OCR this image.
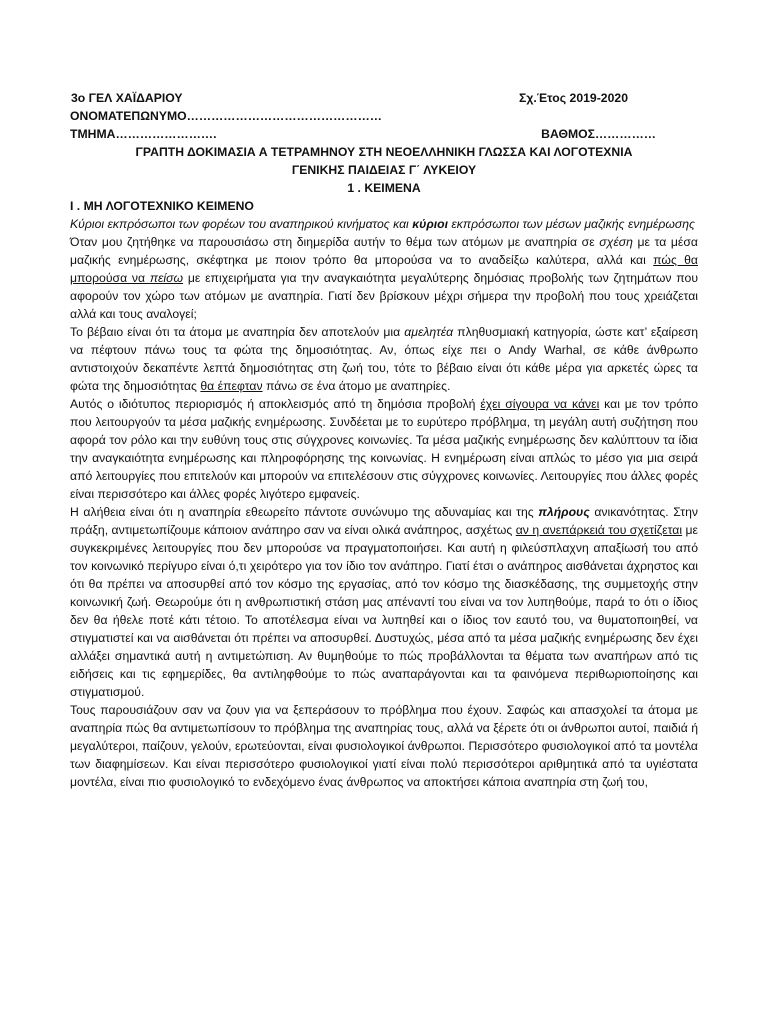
3ο ΓΕΛ ΧΑΪΔΑΡΙΟΥ	Σχ.Έτος 2019-2020
ΟΝΟΜΑΤΕΠΩΝΥΜΟ…………………………………………
ΤΜΗΜΑ…………………….	ΒΑΘΜΟΣ……………
ΓΡΑΠΤΗ ΔΟΚΙΜΑΣΙΑ Α ΤΕΤΡΑΜΗΝΟΥ ΣΤΗ ΝΕΟΕΛΛΗΝΙΚΗ ΓΛΩΣΣΑ ΚΑΙ ΛΟΓΟΤΕΧΝΙΑ
ΓΕΝΙΚΗΣ ΠΑΙΔΕΙΑΣ Γ΄ ΛΥΚΕΙΟΥ
1 . ΚΕΙΜΕΝΑ
Ι . ΜΗ ΛΟΓΟΤΕΧΝΙΚΟ ΚΕΙΜΕΝΟ

Κύριοι εκπρόσωποι των φορέων του αναπηρικού κινήματος και κύριοι εκπρόσωποι των μέσων μαζικής ενημέρωσης

Όταν μου ζητήθηκε να παρουσιάσω στη διημερίδα αυτήν το θέμα των ατόμων με αναπηρία σε σχέση με τα μέσα μαζικής ενημέρωσης, σκέφτηκα με ποιον τρόπο θα μπορούσα να το αναδείξω καλύτερα, αλλά και πώς θα μπορούσα να πείσω με επιχειρήματα για την αναγκαιότητα μεγαλύτερης δημόσιας προβολής των ζητημάτων που αφορούν τον χώρο των ατόμων με αναπηρία. Γιατί δεν βρίσκουν μέχρι σήμερα την προβολή που τους χρειάζεται αλλά και τους αναλογεί;

Το βέβαιο είναι ότι τα άτομα με αναπηρία δεν αποτελούν μια αμελητέα πληθυσμιακή κατηγορία, ώστε κατ’ εξαίρεση να πέφτουν πάνω τους τα φώτα της δημοσιότητας. Αν, όπως είχε πει ο Andy Warhal, σε κάθε άνθρωπο αντιστοιχούν δεκαπέντε λεπτά δημοσιότητας στη ζωή του, τότε το βέβαιο είναι ότι κάθε μέρα για αρκετές ώρες τα φώτα της δημοσιότητας θα έπεφταν πάνω σε ένα άτομο με αναπηρίες.

Αυτός ο ιδιότυπος περιορισμός ή αποκλεισμός από τη δημόσια προβολή έχει σίγουρα να κάνει και με τον τρόπο που λειτουργούν τα μέσα μαζικής ενημέρωσης. Συνδέεται με το ευρύτερο πρόβλημα, τη μεγάλη αυτή συζήτηση που αφορά τον ρόλο και την ευθύνη τους στις σύγχρονες κοινωνίες. Τα μέσα μαζικής ενημέρωσης δεν καλύπτουν τα ίδια την αναγκαιότητα ενημέρωσης και πληροφόρησης της κοινωνίας. Η ενημέρωση είναι απλώς το μέσο για μια σειρά από λειτουργίες που επιτελούν και μπορούν να επιτελέσουν στις σύγχρονες κοινωνίες. Λειτουργίες που άλλες φορές είναι περισσότερο και άλλες φορές λιγότερο εμφανείς.

Η αλήθεια είναι ότι η αναπηρία εθεωρείτο πάντοτε συνώνυμο της αδυναμίας και της πλήρους ανικανότητας. Στην πράξη, αντιμετωπίζουμε κάποιον ανάπηρο σαν να είναι ολικά ανάπηρος, ασχέτως αν η ανεπάρκειά του σχετίζεται με συγκεκριμένες λειτουργίες που δεν μπορούσε να πραγματοποιήσει. Και αυτή η φιλεύσπλαχνη απαξίωσή του από τον κοινωνικό περίγυρο είναι ό,τι χειρότερο για τον ίδιο τον ανάπηρο. Γιατί έτσι ο ανάπηρος αισθάνεται άχρηστος και ότι θα πρέπει να αποσυρθεί από τον κόσμο της εργασίας, από τον κόσμο της διασκέδασης, της συμμετοχής στην κοινωνική ζωή. Θεωρούμε ότι η ανθρωπιστική στάση μας απέναντί του είναι να τον λυπηθούμε, παρά το ότι ο ίδιος δεν θα ήθελε ποτέ κάτι τέτοιο. Το αποτέλεσμα είναι να λυπηθεί και ο ίδιος τον εαυτό του, να θυματοποιηθεί, να στιγματιστεί και να αισθάνεται ότι πρέπει να αποσυρθεί. Δυστυχώς, μέσα από τα μέσα μαζικής ενημέρωσης δεν έχει αλλάξει σημαντικά αυτή η αντιμετώπιση. Αν θυμηθούμε το πώς προβάλλονται τα θέματα των αναπήρων από τις ειδήσεις και τις εφημερίδες, θα αντιληφθούμε το πώς αναπαράγονται και τα φαινόμενα περιθωριοποίησης και στιγματισμού.

Τους παρουσιάζουν σαν να ζουν για να ξεπεράσουν το πρόβλημα που έχουν. Σαφώς και απασχολεί τα άτομα με αναπηρία πώς θα αντιμετωπίσουν το πρόβλημα της αναπηρίας τους, αλλά να ξέρετε ότι οι άνθρωποι αυτοί, παιδιά ή μεγαλύτεροι, παίζουν, γελούν, ερωτεύονται, είναι φυσιολογικοί άνθρωποι. Περισσότερο φυσιολογικοί από τα μοντέλα των διαφημίσεων. Και είναι περισσότερο φυσιολογικοί γιατί είναι πολύ περισσότεροι αριθμητικά από τα υγιέστατα μοντέλα, είναι πιο φυσιολογικό το ενδεχόμενο ένας άνθρωπος να αποκτήσει κάποια αναπηρία στη ζωή του,
